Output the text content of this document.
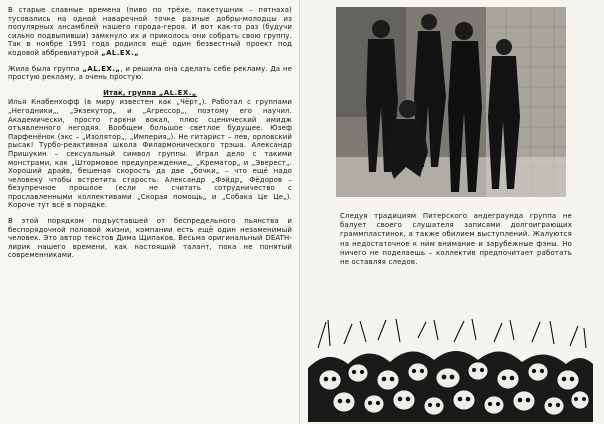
В старые славные времена (пиво по трёхе, пакетушник – пятнаха) тусовались на одной наваречной точке разные добры-молодцы из популярных ансамблей нашего города-героя. И вот как-то раз (будучи сильно подвыпивши) замкнуло их и приколось они собрать свою группу. Так в ноябре 1991 года родился ещё один безвестный проект под кодовой аббревиатурой „AL.EX.„

Жила была группа „AL.EX.„, и решила она сделать себе рекламу. Да не простую рекламу, а очень простую.

Итак, группа „AL.EX.„

Илья Кнабенхофф (в миру известен как „Чёрт„). Работал с группами „Негодники„, „Экзекутор„ и „Агрессор„, поэтому его научил. Академически, просто гаркни вокал, плюс сценический имидж отъявленного негодяя. Вообщем большое светлое будущее. Юзеф Парфенёнок (экс – „Изолятор„, „Империя„). Не гитарист – лев, орловский рысак! Турбо-реактивная школа Филармонического трэша. Александр Пришукин – сексуальный символ группы. Играл дело с такими монстрами, как „Штормовое предупреждение„, „Крематор„ и „Эверест„. Хороший драйв, бешеная скорость да две „бочки„ – что ещё надо человеку чтобы встретить старость. Александр „Фэйдр„ Фёдоров – безупречное прошлое (если не считать сотрудничество с прославленными коллективами „Скорая помощь„ и „Собака Це Це„). Короче тут всё в порядке.

В этой порядком подъуставшей от беспредельного пьянства и беспорядочной половой жизни, компании есть ещё один незаменимый человек. Это автор текстов Дима Щипаков. Весьма оригинальный DEATH-лирик нашего времени, как настоящий талант, пока не понятый современниками.

Следуя традициям Питерского андеграунда группа не балует своего слушателя записями долгоиграющих граммпластинок, а также обилием выступлений. Жалуются на недостаточное к ним внимание и зарубежные фэны. Но ничего не поделаешь – коллектив предпочитает работать не оставляя следов.
